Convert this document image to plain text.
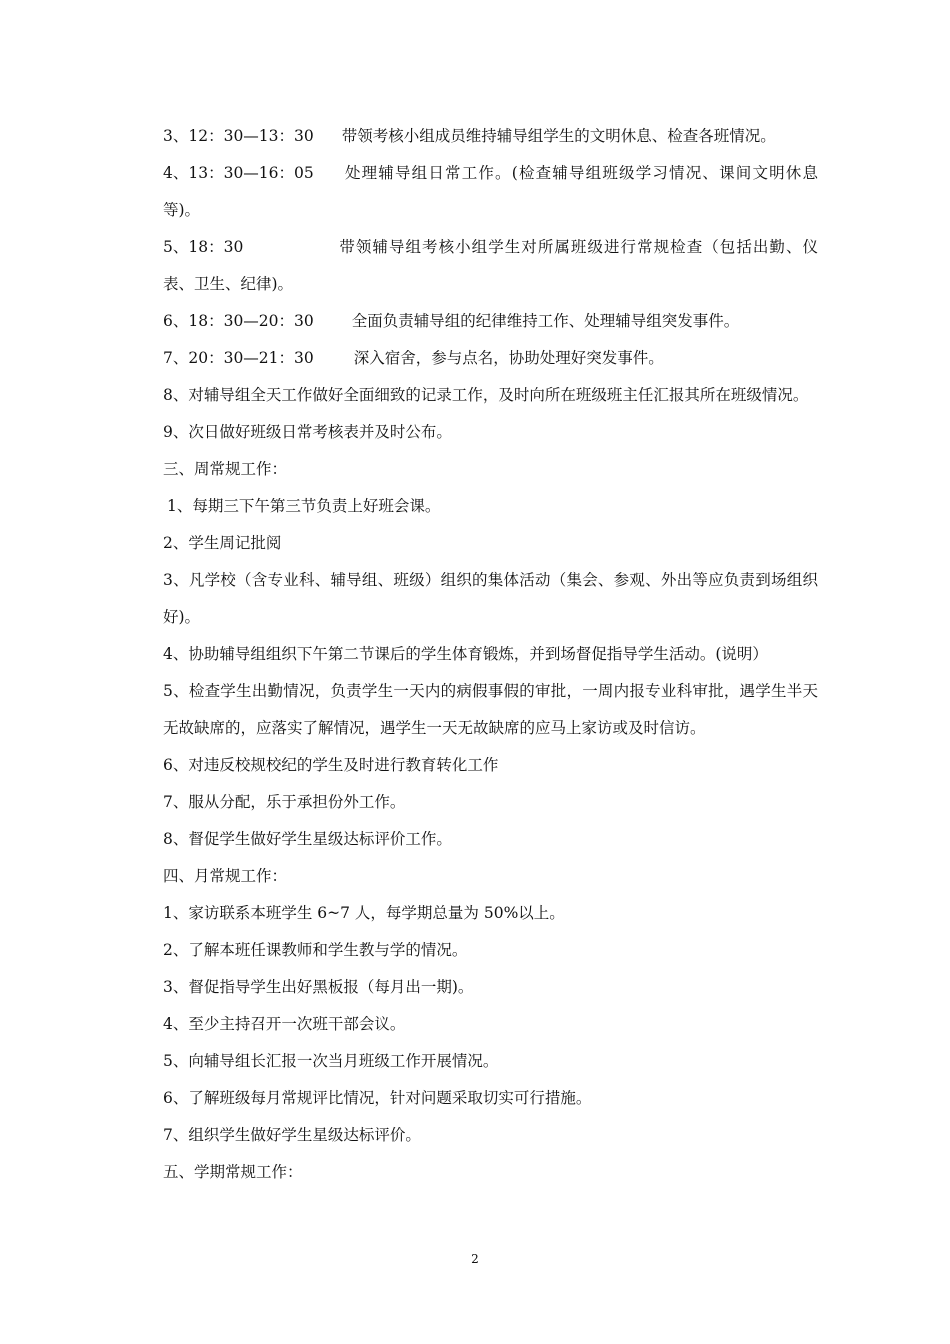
3、12：30—13：30 带领考核小组成员维持辅导组学生的文明休息、检查各班情况。

4、13：30—16：05 处理辅导组日常工作。(检查辅导组班级学习情况、课间文明休息等)。

5、18：30	带领辅导组考核小组学生对所属班级进行常规检查（包括出勤、仪表、卫生、纪律)。

6、18：30—20：30 全面负责辅导组的纪律维持工作、处理辅导组突发事件。

7、20：30—21：30	深入宿舍，参与点名，协助处理好突发事件。

8、对辅导组全天工作做好全面细致的记录工作，及时向所在班级班主任汇报其所在班级情况。

9、次日做好班级日常考核表并及时公布。

三、周常规工作：

1、每期三下午第三节负责上好班会课。

2、学生周记批阅

3、凡学校（含专业科、辅导组、班级）组织的集体活动（集会、参观、外出等应负责到场组织好)。

4、协助辅导组组织下午第二节课后的学生体育锻炼，并到场督促指导学生活动。(说明）

5、检查学生出勤情况，负责学生一天内的病假事假的审批，一周内报专业科审批，遇学生半天无故缺席的，应落实了解情况，遇学生一天无故缺席的应马上家访或及时信访。

6、对违反校规校纪的学生及时进行教育转化工作

7、服从分配，乐于承担份外工作。

8、督促学生做好学生星级达标评价工作。

四、月常规工作：

1、家访联系本班学生 6~7 人，每学期总量为 50%以上。

2、了解本班任课教师和学生教与学的情况。

3、督促指导学生出好黑板报（每月出一期)。

4、至少主持召开一次班干部会议。

5、向辅导组长汇报一次当月班级工作开展情况。

6、了解班级每月常规评比情况，针对问题采取切实可行措施。

7、组织学生做好学生星级达标评价。

五、学期常规工作：

2
